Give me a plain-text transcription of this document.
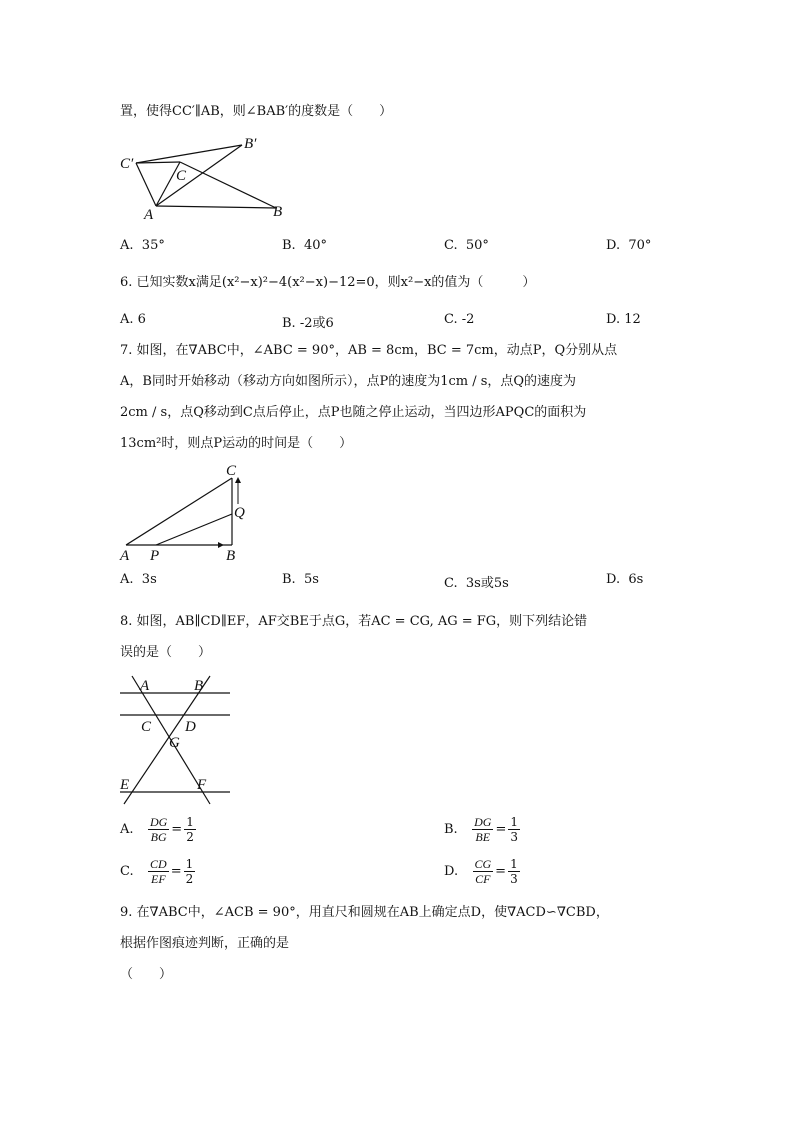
置，使得CC′∥AB，则∠BAB′的度数是（　　）
C′
B′
C
A	B
A. 35°	B. 40°	C. 50°	D. 70°
6. 已知实数x满足(x²−x)²−4(x²−x)−12=0，则x²−x的值为（　　　）
A. 6	B. -2或6	C. -2	D. 12
7. 如图，在∇ABC中，∠ABC = 90°，AB = 8cm，BC = 7cm，动点P，Q分别从点
A，B同时开始移动（移动方向如图所示），点P的速度为1cm / s，点Q的速度为
2cm / s，点Q移动到C点后停止，点P也随之停止运动，当四边形APQC的面积为
13cm²时，则点P运动的时间是（　　）
C
Q
A P	B
A. 3s	B. 5s	C. 3s或5s	D. 6s
8. 如图，AB∥CD∥EF，AF交BE于点G，若AC = CG, AG = FG，则下列结论错
误的是（　　）
A	B
C D
G
E	F
A. $\frac{DG}{BG} = \frac{1}{2}$	B. $\frac{DG}{BE} = \frac{1}{3}$
C. $\frac{CD}{EF} = \frac{1}{2}$	D. $\frac{CG}{CF} = \frac{1}{3}$
9. 在∇ABC中，∠ACB = 90°，用直尺和圆规在AB上确定点D，使∇ACD∽∇CBD，
根据作图痕迹判断，正确的是
（　　）
